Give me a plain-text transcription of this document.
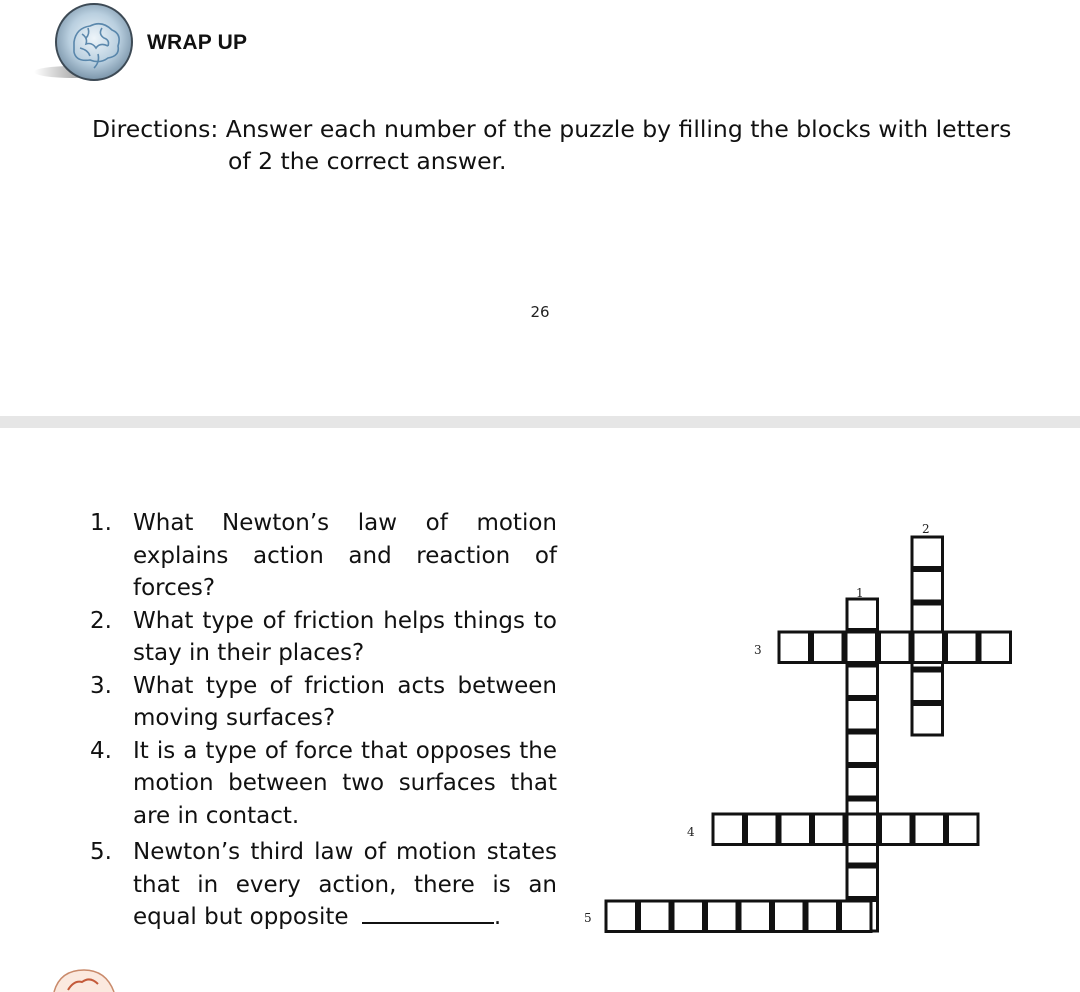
WRAP UP

Directions: Answer each number of the puzzle by filling the blocks with letters
of 2 the correct answer.

26
1. What Newton’s law of motion explains action and reaction of forces?
2. What type of friction helps things to stay in their places?
3. What type of friction acts between moving surfaces?
4. It is a type of force that opposes the motion between two surfaces that are in contact.
5. Newton’s third law of motion states that in every action, there is an equal but opposite	.
1
2
3
4
5
